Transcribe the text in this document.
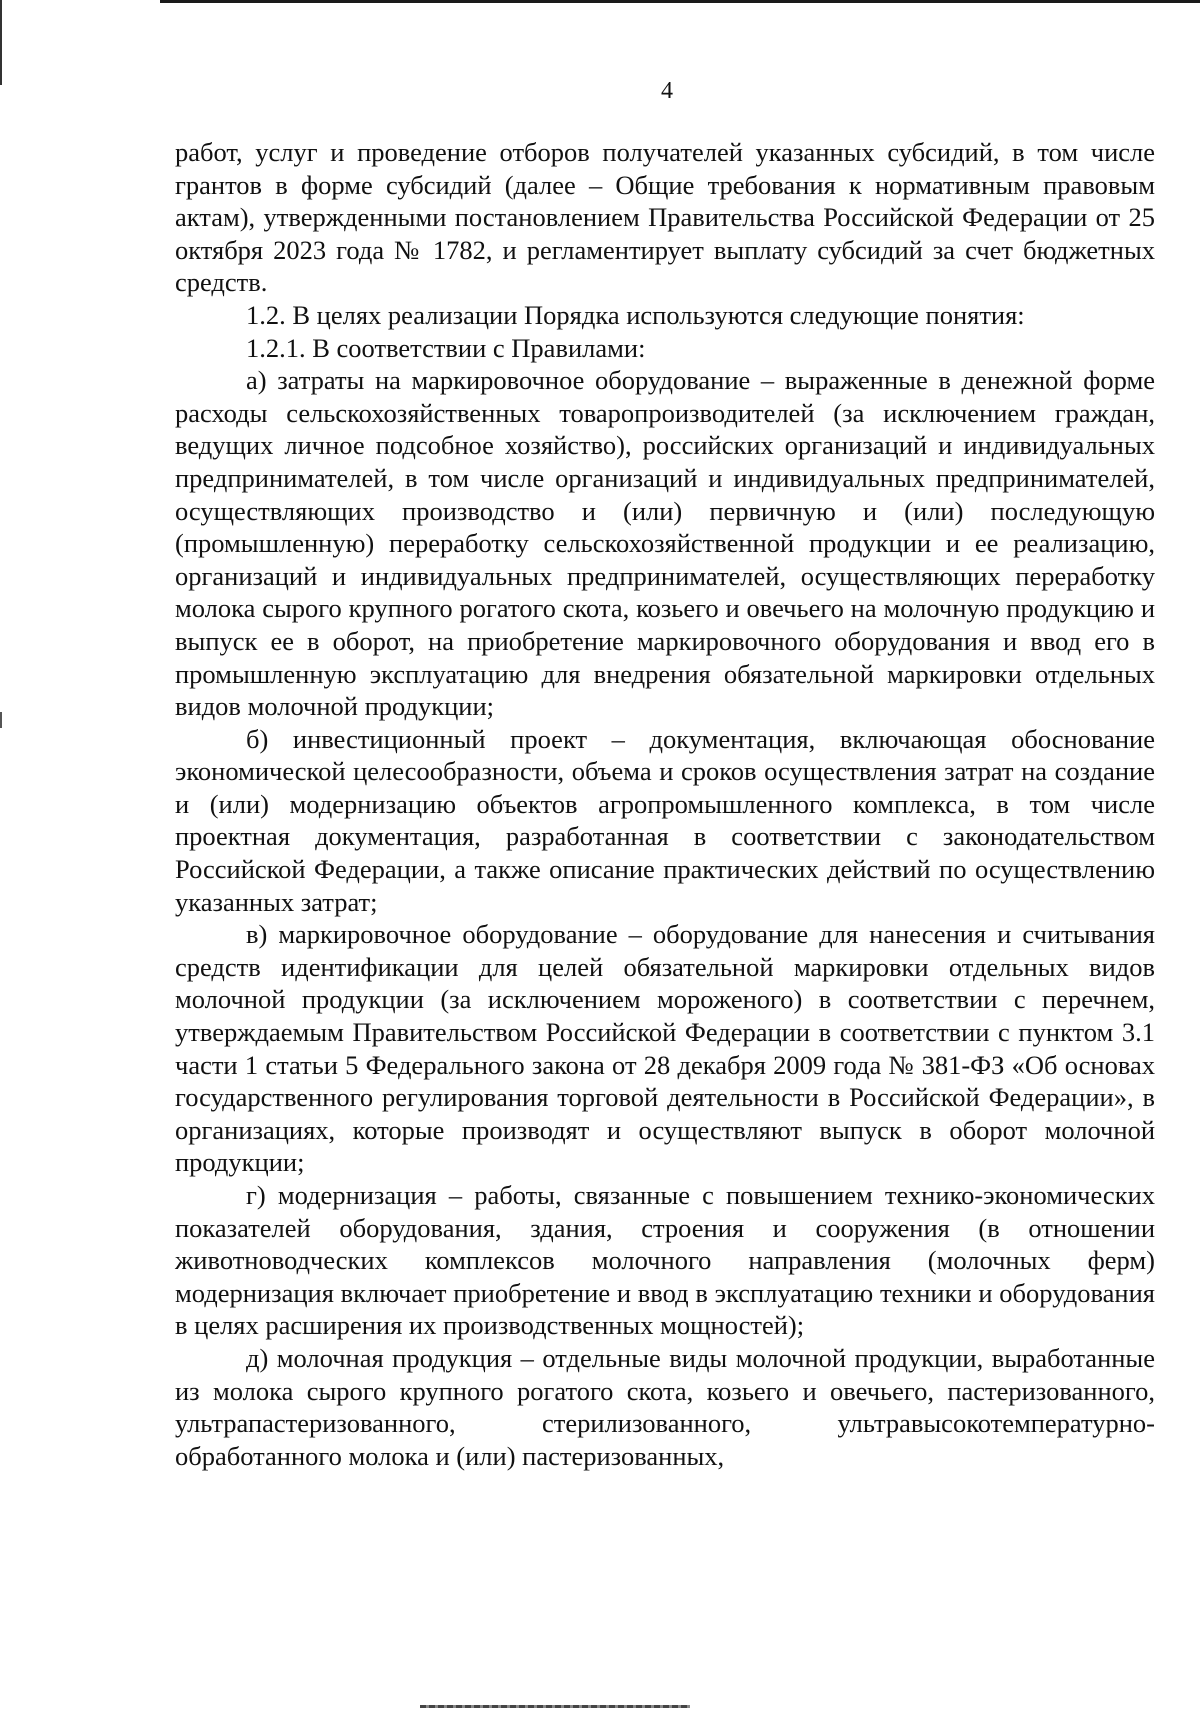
4

работ, услуг и проведение отборов получателей указанных субсидий, в том числе грантов в форме субсидий (далее – Общие требования к нормативным правовым актам), утвержденными постановлением Правительства Российской Федерации от 25 октября 2023 года № 1782, и регламентирует выплату субсидий за счет бюджетных средств.

1.2. В целях реализации Порядка используются следующие понятия:

1.2.1. В соответствии с Правилами:

а) затраты на маркировочное оборудование – выраженные в денежной форме расходы сельскохозяйственных товаропроизводителей (за исключением граждан, ведущих личное подсобное хозяйство), российских организаций и индивидуальных предпринимателей, в том числе организаций и индивидуальных предпринимателей, осуществляющих производство и (или) первичную и (или) последующую (промышленную) переработку сельскохозяйственной продукции и ее реализацию, организаций и индивидуальных предпринимателей, осуществляющих переработку молока сырого крупного рогатого скота, козьего и овечьего на молочную продукцию и выпуск ее в оборот, на приобретение маркировочного оборудования и ввод его в промышленную эксплуатацию для внедрения обязательной маркировки отдельных видов молочной продукции;

б) инвестиционный проект – документация, включающая обоснование экономической целесообразности, объема и сроков осуществления затрат на создание и (или) модернизацию объектов агропромышленного комплекса, в том числе проектная документация, разработанная в соответствии с законодательством Российской Федерации, а также описание практических действий по осуществлению указанных затрат;

в) маркировочное оборудование – оборудование для нанесения и считывания средств идентификации для целей обязательной маркировки отдельных видов молочной продукции (за исключением мороженого) в соответствии с перечнем, утверждаемым Правительством Российской Федерации в соответствии с пунктом 3.1 части 1 статьи 5 Федерального закона от 28 декабря 2009 года № 381-ФЗ «Об основах государственного регулирования торговой деятельности в Российской Федерации», в организациях, которые производят и осуществляют выпуск в оборот молочной продукции;

г) модернизация – работы, связанные с повышением технико-экономических показателей оборудования, здания, строения и сооружения (в отношении животноводческих комплексов молочного направления (молочных ферм) модернизация включает приобретение и ввод в эксплуатацию техники и оборудования в целях расширения их производственных мощностей);

д) молочная продукция – отдельные виды молочной продукции, выработанные из молока сырого крупного рогатого скота, козьего и овечьего, пастеризованного, ультрапастеризованного, стерилизованного, ультравысокотемпературно-обработанного молока и (или) пастеризованных,
